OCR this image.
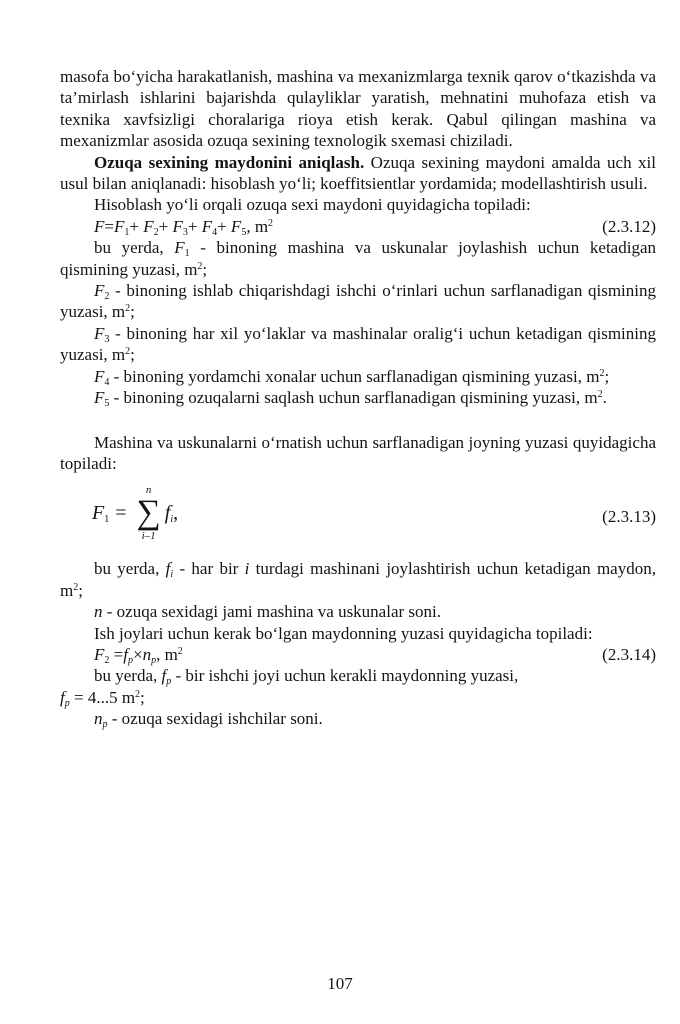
masofa bo‘yicha harakatlanish, mashina va mexanizmlarga texnik qarov o‘tkazishda va ta’mirlash ishlarini bajarishda qulayliklar yaratish, mehnatini muhofaza etish va texnika xavfsizligi choralariga rioya etish kerak. Qabul qilingan mashina va mexanizmlar asosida ozuqa sexining texnologik sxemasi chiziladi.

Ozuqa sexining maydonini aniqlash. Ozuqa sexining maydoni amalda uch xil usul bilan aniqlanadi: hisoblash yo‘li; koeffitsientlar yordamida; modellashtirish usuli.

Hisoblash yo‘li orqali ozuqa sexi maydoni quyidagicha topiladi:

$F=F_1+ F_2+ F_3+ F_4+ F_5$, $m^2$	(2.3.12)

bu yerda, $F_1$ - binoning mashina va uskunalar joylashish uchun ketadigan qismining yuzasi, $m^2$;

$F_2$ - binoning ishlab chiqarishdagi ishchi o‘rinlari uchun sarflanadigan qismining yuzasi, $m^2$;

$F_3$ - binoning har xil yo‘laklar va mashinalar oralig‘i uchun ketadigan qismining yuzasi, $m^2$;

$F_4$ - binoning yordamchi xonalar uchun sarflanadigan qismining yuzasi, $m^2$;

$F_5$ - binoning ozuqalarni saqlash uchun sarflanadigan qismining yuzasi, $m^2$.

Mashina va uskunalarni o‘rnatish uchun sarflanadigan joyning yuzasi quyidagicha topiladi:

$F_1$ =
n
∑
i–1
$f_i$,	(2.3.13)

bu yerda, $f_i$ - har bir i turdagi mashinani joylashtirish uchun ketadigan maydon, $m^2$;

n - ozuqa sexidagi jami mashina va uskunalar soni.

Ish joylari uchun kerak bo‘lgan maydonning yuzasi quyidagicha topiladi:

$F_2 =f_p\times n_p$, $m^2$	(2.3.14)

bu yerda, $f_p$ - bir ishchi joyi uchun kerakli maydonning yuzasi,

$f_p = 4...5$ $m^2$;

$n_p$ - ozuqa sexidagi ishchilar soni.

107
